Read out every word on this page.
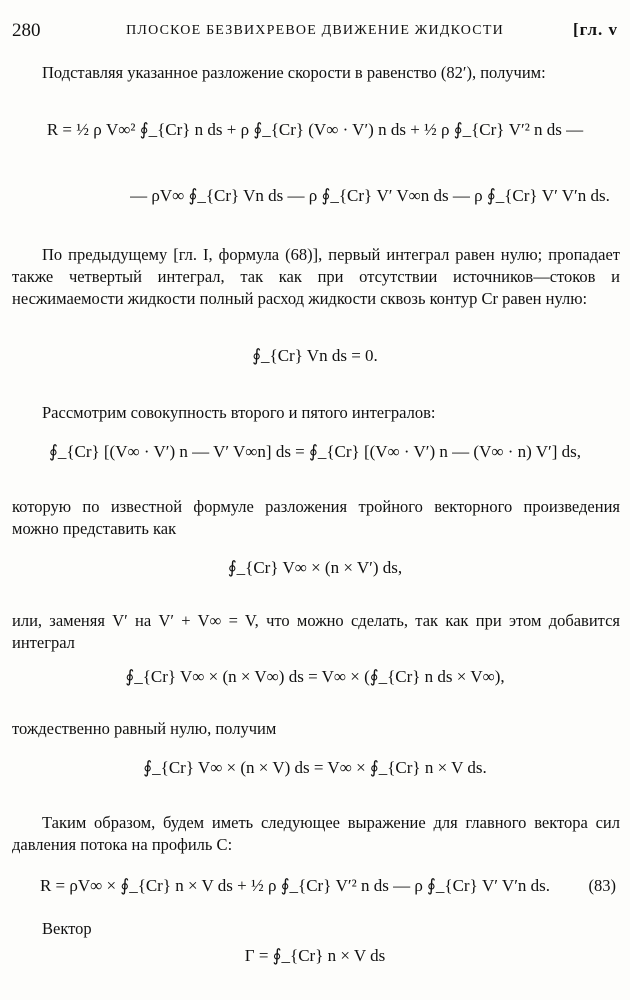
280	ПЛОСКОЕ БЕЗВИХРЕВОЕ ДВИЖЕНИЕ ЖИДКОСТИ	[гл. v
Подставляя указанное разложение скорости в равенство (82′), получим:
R = ½ ρ V∞² ∮_{Cr} n ds + ρ ∮_{Cr} (V∞ · V′) n ds + ½ ρ ∮_{Cr} V′² n ds —
— ρV∞ ∮_{Cr} Vn ds — ρ ∮_{Cr} V′ V∞n ds — ρ ∮_{Cr} V′ V′n ds.
По предыдущему [гл. I, формула (68)], первый интеграл равен нулю; пропадает также четвертый интеграл, так как при отсутствии источников—стоков и несжимаемости жидкости полный расход жидкости сквозь контур Cr равен нулю:
∮_{Cr} Vn ds = 0.
Рассмотрим совокупность второго и пятого интегралов:
∮_{Cr} [(V∞ · V′) n — V′ V∞n] ds = ∮_{Cr} [(V∞ · V′) n — (V∞ · n) V′] ds,
которую по известной формуле разложения тройного векторного произведения можно представить как
∮_{Cr} V∞ × (n × V′) ds,
или, заменяя V′ на V′ + V∞ = V, что можно сделать, так как при этом добавится интеграл
∮_{Cr} V∞ × (n × V∞) ds = V∞ × (∮_{Cr} n ds × V∞),
тождественно равный нулю, получим
∮_{Cr} V∞ × (n × V) ds = V∞ × ∮_{Cr} n × V ds.
Таким образом, будем иметь следующее выражение для главного вектора сил давления потока на профиль C:
R = ρV∞ × ∮_{Cr} n × V ds + ½ ρ ∮_{Cr} V′² n ds — ρ ∮_{Cr} V′ V′n ds.	(83)
Вектор
Γ = ∮_{Cr} n × V ds
